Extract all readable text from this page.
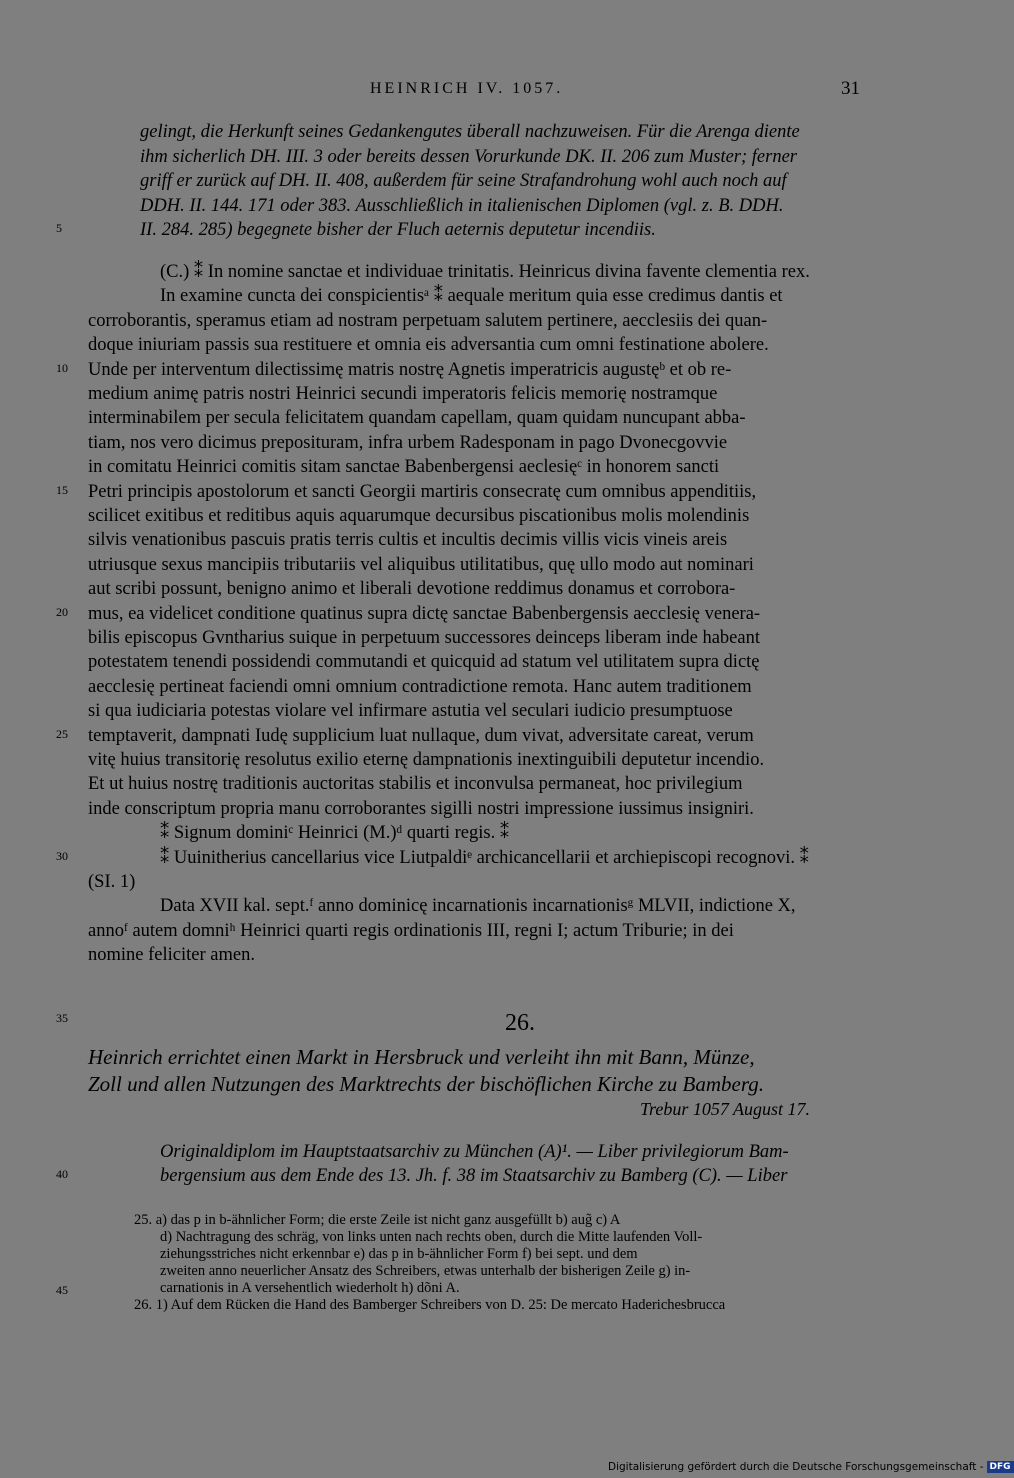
HEINRICH IV. 1057.	31
gelingt, die Herkunft seines Gedankengutes überall nachzuweisen. Für die Arenga diente
ihm sicherlich DH. III. 3 oder bereits dessen Vorurkunde DK. II. 206 zum Muster; ferner
griff er zurück auf DH. II. 408, außerdem für seine Strafandrohung wohl auch noch auf
DDH. II. 144. 171 oder 383. Ausschließlich in italienischen Diplomen (vgl. z. B. DDH.
5	II. 284. 285) begegnete bisher der Fluch aeternis deputetur incendiis.
(C.) ⁑ In nomine sanctae et individuae trinitatis. Heinricus divina favente clementia rex.
In examine cuncta dei conspicientisᵃ ⁑ aequale meritum quia esse credimus dantis et
corroborantis, speramus etiam ad nostram perpetuam salutem pertinere, aecclesiis dei quan-
doque iniuriam passis sua restituere et omnia eis adversantia cum omni festinatione abolere.
10	Unde per interventum dilectissimę matris nostrę Agnetis imperatricis augustęᵇ et ob re-
medium animę patris nostri Heinrici secundi imperatoris felicis memorię nostramque
interminabilem per secula felicitatem quandam capellam, quam quidam nuncupant abba-
tiam, nos vero dicimus preposituram, infra urbem Radesponam in pago Dvonecgovvie
in comitatu Heinrici comitis sitam sanctae Babenbergensi aeclesięᶜ in honorem sancti
15	Petri principis apostolorum et sancti Georgii martiris consecratę cum omnibus appenditiis,
scilicet exitibus et reditibus aquis aquarumque decursibus piscationibus molis molendinis
silvis venationibus pascuis pratis terris cultis et incultis decimis villis vicis vineis areis
utriusque sexus mancipiis tributariis vel aliquibus utilitatibus, quę ullo modo aut nominari
aut scribi possunt, benigno animo et liberali devotione reddimus donamus et corrobora-
20	mus, ea videlicet conditione quatinus supra dictę sanctae Babenbergensis aecclesię venera-
bilis episcopus Gvntharius suique in perpetuum successores deinceps liberam inde habeant
potestatem tenendi possidendi commutandi et quicquid ad statum vel utilitatem supra dictę
aecclesię pertineat faciendi omni omnium contradictione remota. Hanc autem traditionem
si qua iudiciaria potestas violare vel infirmare astutia vel seculari iudicio presumptuose
25	temptaverit, dampnati Iudę supplicium luat nullaque, dum vivat, adversitate careat, verum
vitę huius transitorię resolutus exilio eternę dampnationis inextinguibili deputetur incendio.
Et ut huius nostrę traditionis auctoritas stabilis et inconvulsa permaneat, hoc privilegium
inde conscriptum propria manu corroborantes sigilli nostri impressione iussimus insigniri.
⁑ Signum dominiᶜ Heinrici (M.)ᵈ quarti regis. ⁑
30	⁑ Uuinitherius cancellarius vice Liutpaldiᵉ archicancellarii et archiepiscopi recognovi. ⁑
(SI. 1)
Data XVII kal. sept.ᶠ anno dominicę incarnationis incarnationisᵍ MLVII, indictione X,
annoᶠ autem domniʰ Heinrici quarti regis ordinationis III, regni I; actum Triburie; in dei
nomine feliciter amen.
35	26.
Heinrich errichtet einen Markt in Hersbruck und verleiht ihn mit Bann, Münze,
Zoll und allen Nutzungen des Marktrechts der bischöflichen Kirche zu Bamberg.
Trebur 1057 August 17.
Originaldiplom im Hauptstaatsarchiv zu München (A)¹. — Liber privilegiorum Bam-
40	bergensium aus dem Ende des 13. Jh. f. 38 im Staatsarchiv zu Bamberg (C). — Liber
25. a) das p in b-ähnlicher Form; die erste Zeile ist nicht ganz ausgefüllt b) aug̃ c) A
d) Nachtragung des schräg, von links unten nach rechts oben, durch die Mitte laufenden Voll-
ziehungsstriches nicht erkennbar e) das p in b-ähnlicher Form f) bei sept. und dem
zweiten anno neuerlicher Ansatz des Schreibers, etwas unterhalb der bisherigen Zeile g) in-
45	carnationis in A versehentlich wiederholt h) dõni A.
26. 1) Auf dem Rücken die Hand des Bamberger Schreibers von D. 25: De mercato Haderichesbrucca
Digitalisierung gefördert durch die Deutsche Forschungsgemeinschaft - DFG
